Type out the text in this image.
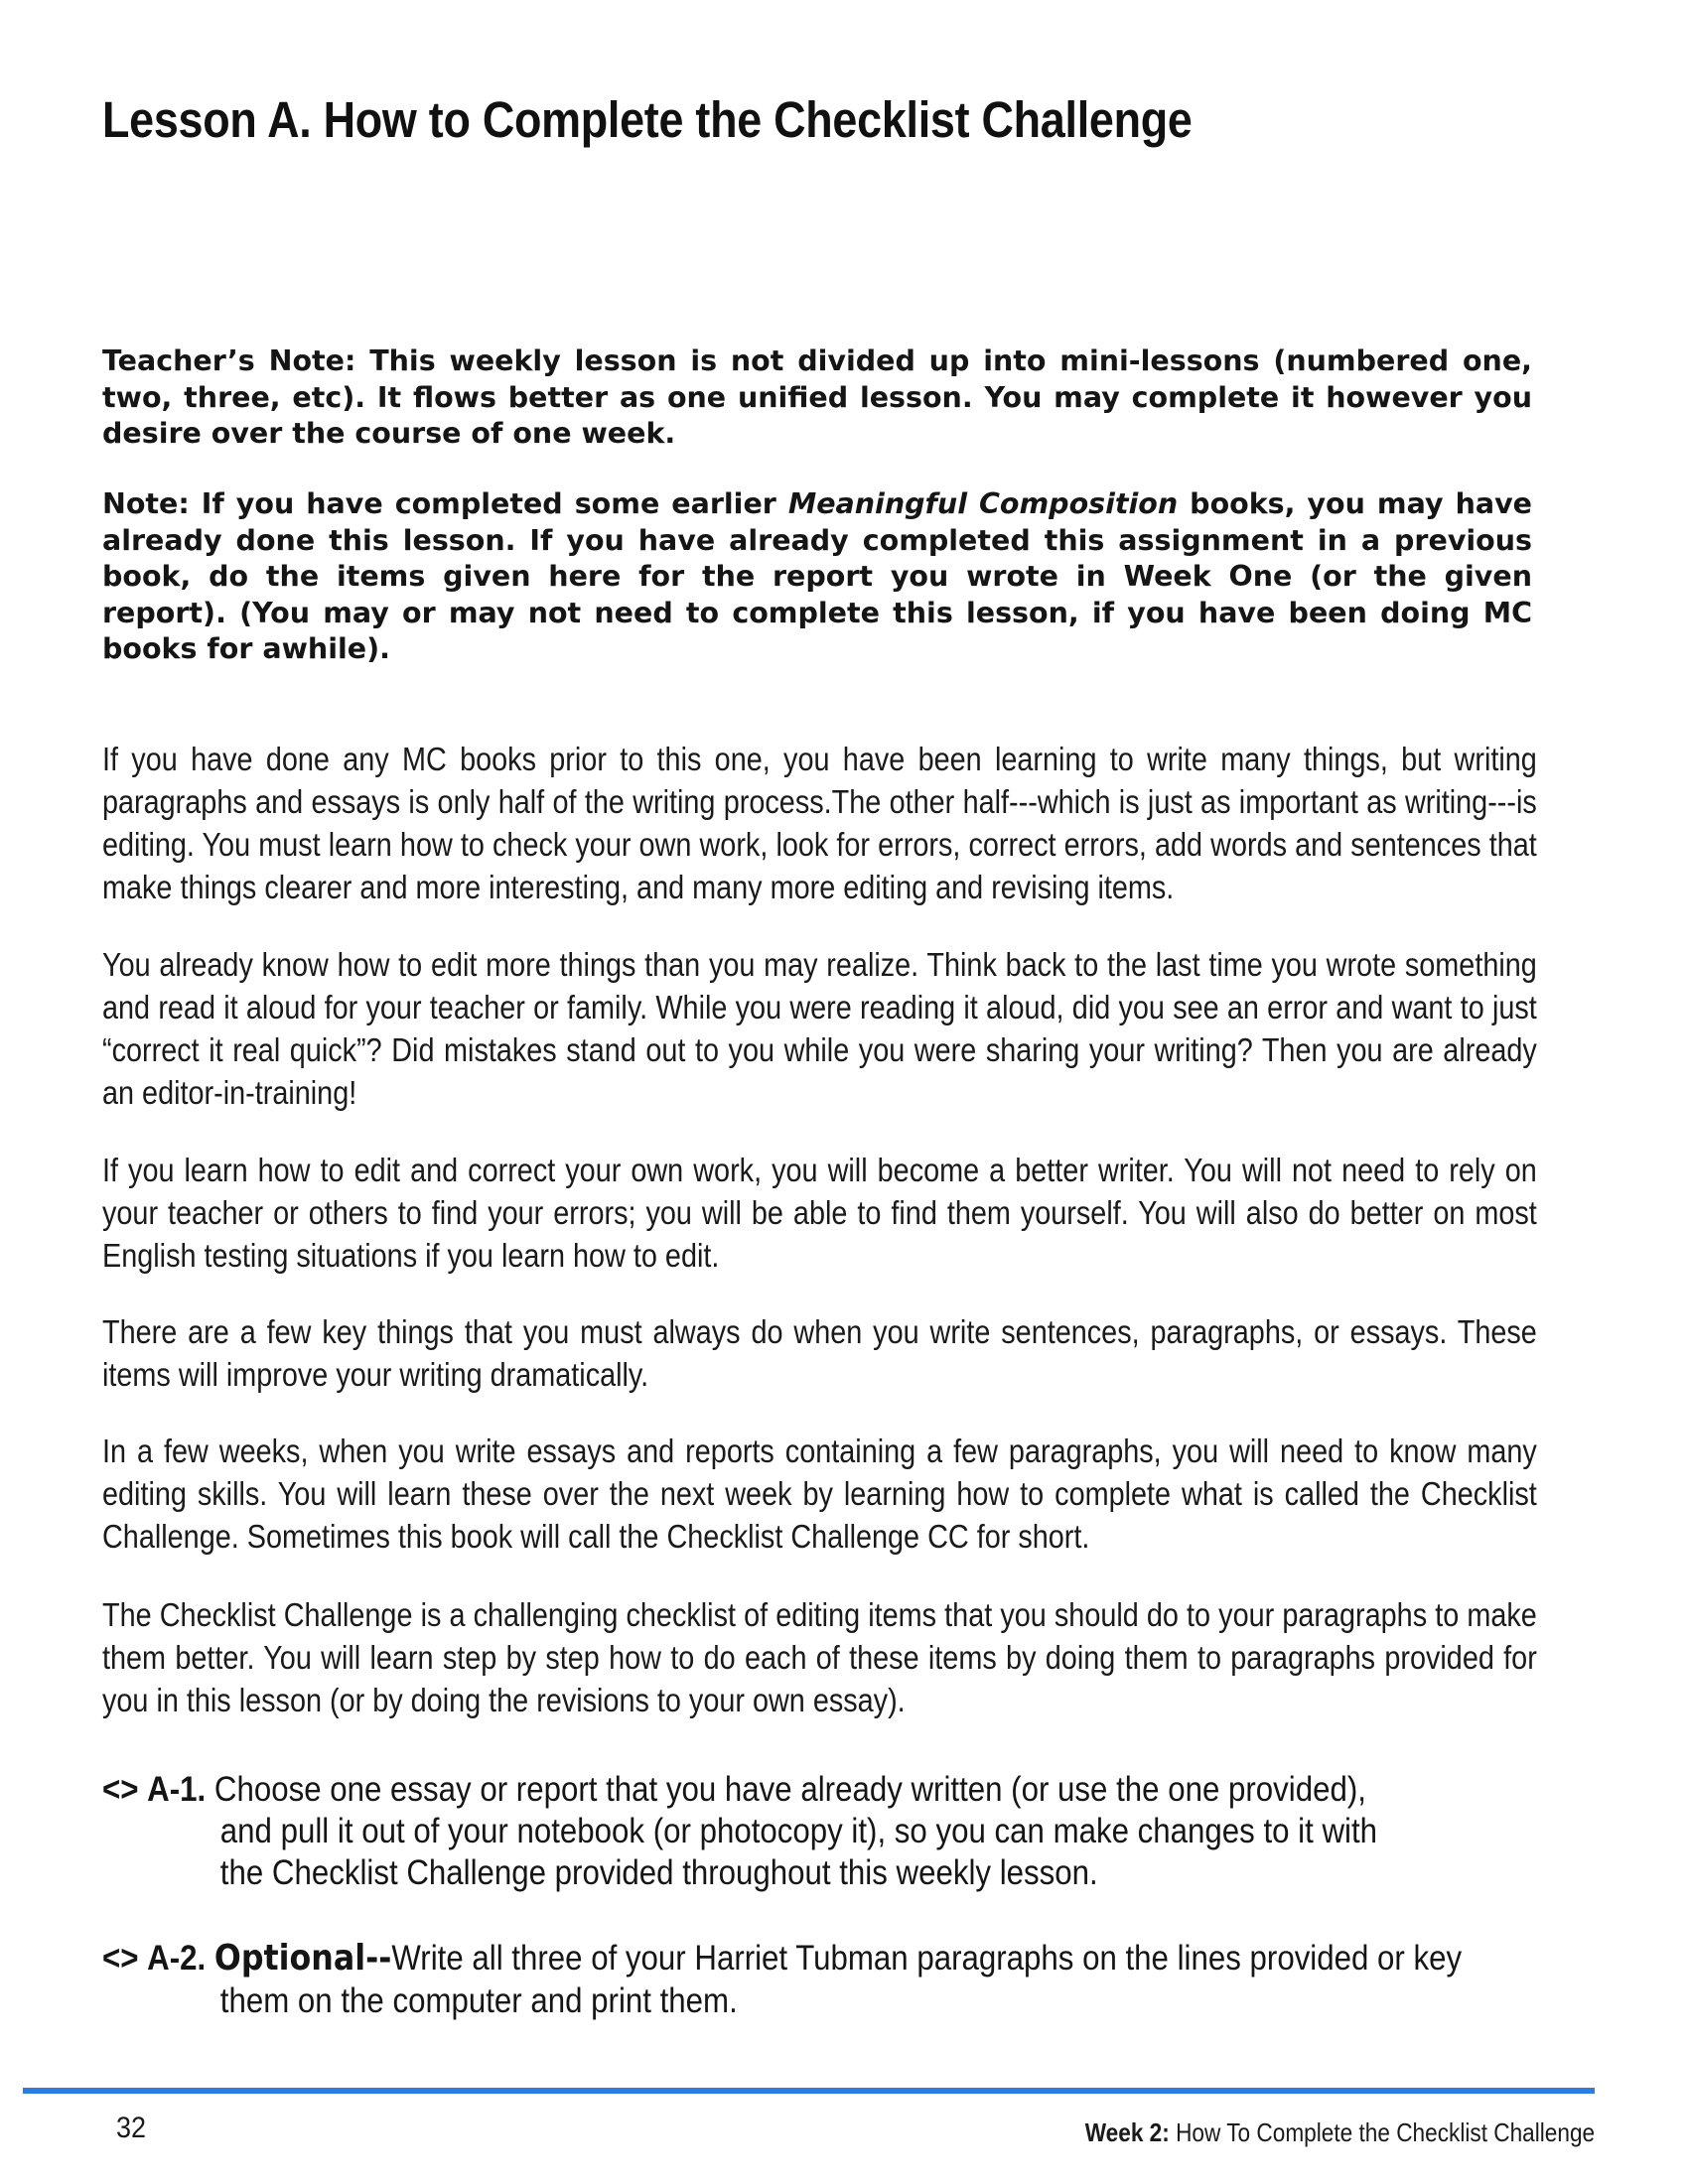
Lesson A. How to Complete the Checklist Challenge

Teacher’s Note: This weekly lesson is not divided up into mini-lessons (numbered one, two, three, etc). It flows better as one unified lesson. You may complete it however you desire over the course of one week.

Note: If you have completed some earlier Meaningful Composition books, you may have already done this lesson. If you have already completed this assignment in a previous book, do the items given here for the report you wrote in Week One (or the given report). (You may or may not need to complete this lesson, if you have been doing MC books for awhile).

If you have done any MC books prior to this one, you have been learning to write many things, but writing paragraphs and essays is only half of the writing process.The other half---which is just as important as writing---is editing. You must learn how to check your own work, look for errors, correct errors, add words and sentences that make things clearer and more interesting, and many more editing and revising items.

You already know how to edit more things than you may realize. Think back to the last time you wrote something and read it aloud for your teacher or family. While you were reading it aloud, did you see an error and want to just “correct it real quick”? Did mistakes stand out to you while you were sharing your writing? Then you are already an editor-in-training!

If you learn how to edit and correct your own work, you will become a better writer. You will not need to rely on your teacher or others to find your errors; you will be able to find them yourself. You will also do better on most English testing situations if you learn how to edit.

There are a few key things that you must always do when you write sentences, paragraphs, or essays. These items will improve your writing dramatically.

In a few weeks, when you write essays and reports containing a few paragraphs, you will need to know many editing skills. You will learn these over the next week by learning how to complete what is called the Checklist Challenge. Sometimes this book will call the Checklist Challenge CC for short.

The Checklist Challenge is a challenging checklist of editing items that you should do to your paragraphs to make them better. You will learn step by step how to do each of these items by doing them to paragraphs provided for you in this lesson (or by doing the revisions to your own essay).

<> A-1. Choose one essay or report that you have already written (or use the one provided),
and pull it out of your notebook (or photocopy it), so you can make changes to it with
the Checklist Challenge provided throughout this weekly lesson.
<> A-2. Optional--Write all three of your Harriet Tubman paragraphs on the lines provided or key
them on the computer and print them.
32	Week 2: How To Complete the Checklist Challenge
